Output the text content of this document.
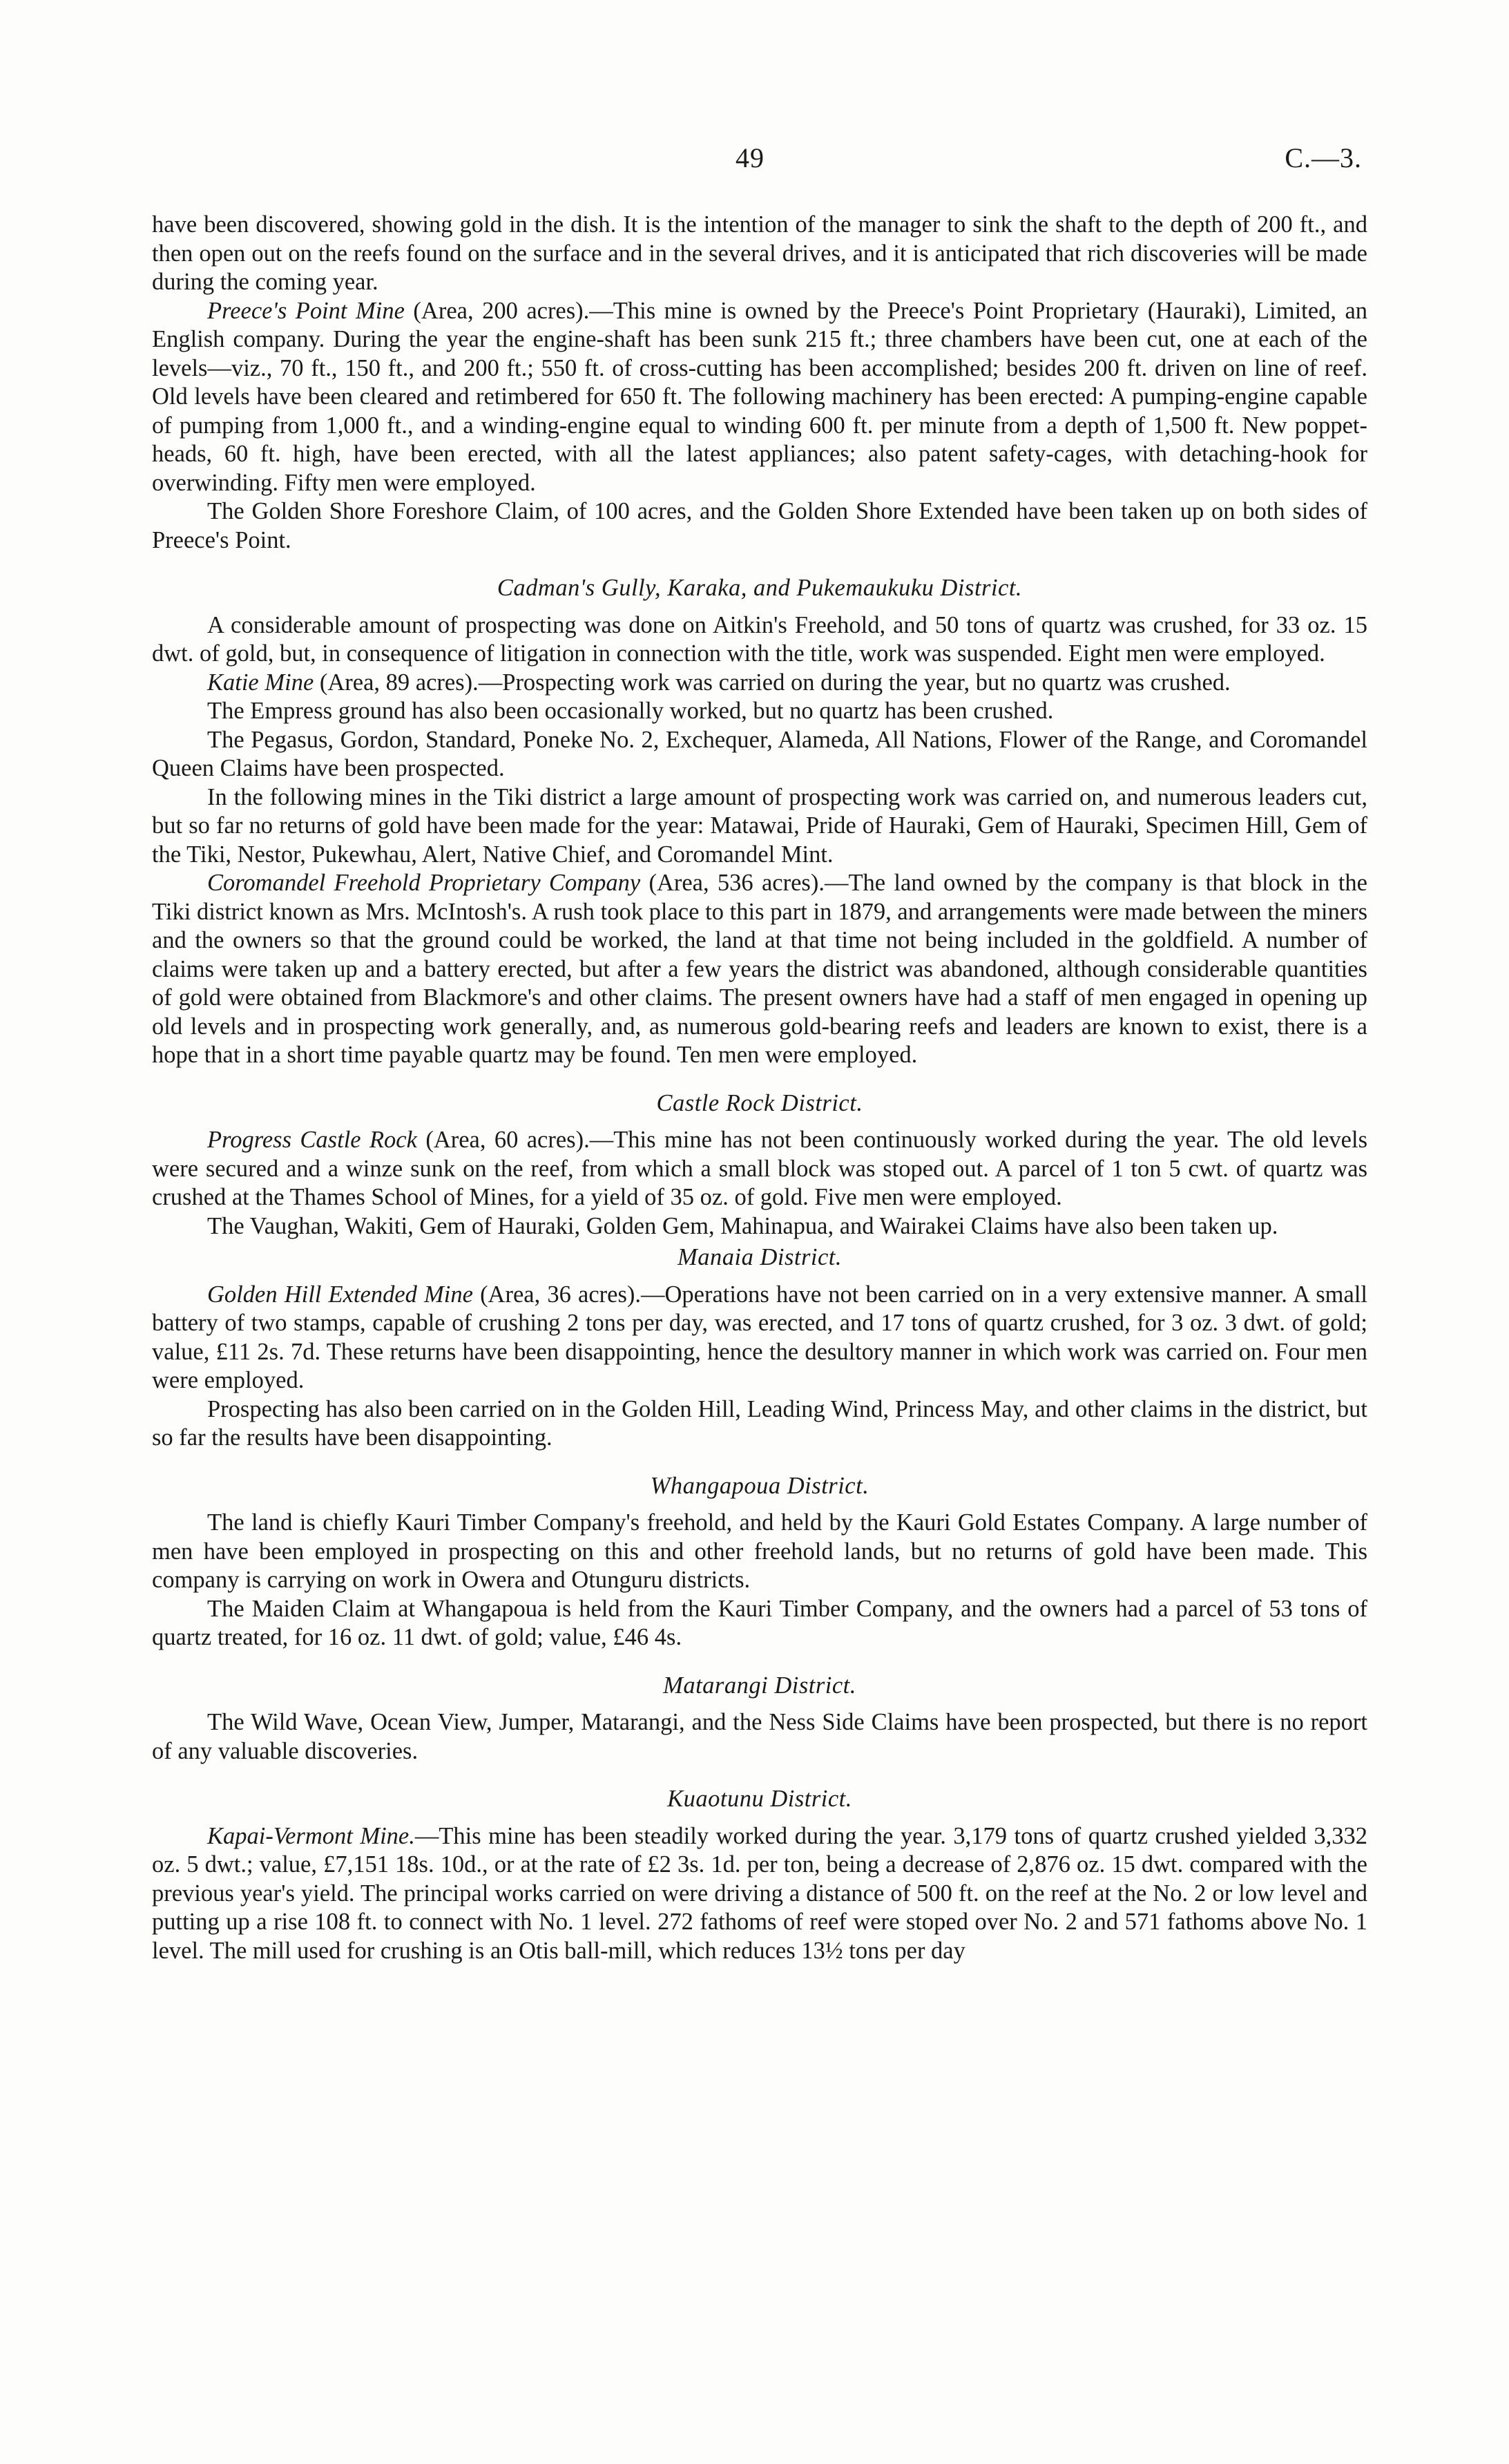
49	C.—3.

have been discovered, showing gold in the dish. It is the intention of the manager to sink the shaft to the depth of 200 ft., and then open out on the reefs found on the surface and in the several drives, and it is anticipated that rich discoveries will be made during the coming year.

Preece's Point Mine (Area, 200 acres).—This mine is owned by the Preece's Point Proprietary (Hauraki), Limited, an English company. During the year the engine-shaft has been sunk 215 ft.; three chambers have been cut, one at each of the levels—viz., 70 ft., 150 ft., and 200 ft.; 550 ft. of cross-cutting has been accomplished; besides 200 ft. driven on line of reef. Old levels have been cleared and retimbered for 650 ft. The following machinery has been erected: A pumping-engine capable of pumping from 1,000 ft., and a winding-engine equal to winding 600 ft. per minute from a depth of 1,500 ft. New poppet-heads, 60 ft. high, have been erected, with all the latest appliances; also patent safety-cages, with detaching-hook for overwinding. Fifty men were employed.

The Golden Shore Foreshore Claim, of 100 acres, and the Golden Shore Extended have been taken up on both sides of Preece's Point.

Cadman's Gully, Karaka, and Pukemaukuku District.

A considerable amount of prospecting was done on Aitkin's Freehold, and 50 tons of quartz was crushed, for 33 oz. 15 dwt. of gold, but, in consequence of litigation in connection with the title, work was suspended. Eight men were employed.

Katie Mine (Area, 89 acres).—Prospecting work was carried on during the year, but no quartz was crushed.

The Empress ground has also been occasionally worked, but no quartz has been crushed.

The Pegasus, Gordon, Standard, Poneke No. 2, Exchequer, Alameda, All Nations, Flower of the Range, and Coromandel Queen Claims have been prospected.

In the following mines in the Tiki district a large amount of prospecting work was carried on, and numerous leaders cut, but so far no returns of gold have been made for the year: Matawai, Pride of Hauraki, Gem of Hauraki, Specimen Hill, Gem of the Tiki, Nestor, Pukewhau, Alert, Native Chief, and Coromandel Mint.

Coromandel Freehold Proprietary Company (Area, 536 acres).—The land owned by the company is that block in the Tiki district known as Mrs. McIntosh's. A rush took place to this part in 1879, and arrangements were made between the miners and the owners so that the ground could be worked, the land at that time not being included in the goldfield. A number of claims were taken up and a battery erected, but after a few years the district was abandoned, although considerable quantities of gold were obtained from Blackmore's and other claims. The present owners have had a staff of men engaged in opening up old levels and in prospecting work generally, and, as numerous gold-bearing reefs and leaders are known to exist, there is a hope that in a short time payable quartz may be found. Ten men were employed.

Castle Rock District.

Progress Castle Rock (Area, 60 acres).—This mine has not been continuously worked during the year. The old levels were secured and a winze sunk on the reef, from which a small block was stoped out. A parcel of 1 ton 5 cwt. of quartz was crushed at the Thames School of Mines, for a yield of 35 oz. of gold. Five men were employed.

The Vaughan, Wakiti, Gem of Hauraki, Golden Gem, Mahinapua, and Wairakei Claims have also been taken up.

Manaia District.

Golden Hill Extended Mine (Area, 36 acres).—Operations have not been carried on in a very extensive manner. A small battery of two stamps, capable of crushing 2 tons per day, was erected, and 17 tons of quartz crushed, for 3 oz. 3 dwt. of gold; value, £11 2s. 7d. These returns have been disappointing, hence the desultory manner in which work was carried on. Four men were employed.

Prospecting has also been carried on in the Golden Hill, Leading Wind, Princess May, and other claims in the district, but so far the results have been disappointing.

Whangapoua District.

The land is chiefly Kauri Timber Company's freehold, and held by the Kauri Gold Estates Company. A large number of men have been employed in prospecting on this and other freehold lands, but no returns of gold have been made. This company is carrying on work in Owera and Otunguru districts.

The Maiden Claim at Whangapoua is held from the Kauri Timber Company, and the owners had a parcel of 53 tons of quartz treated, for 16 oz. 11 dwt. of gold; value, £46 4s.

Matarangi District.

The Wild Wave, Ocean View, Jumper, Matarangi, and the Ness Side Claims have been prospected, but there is no report of any valuable discoveries.

Kuaotunu District.

Kapai-Vermont Mine.—This mine has been steadily worked during the year. 3,179 tons of quartz crushed yielded 3,332 oz. 5 dwt.; value, £7,151 18s. 10d., or at the rate of £2 3s. 1d. per ton, being a decrease of 2,876 oz. 15 dwt. compared with the previous year's yield. The principal works carried on were driving a distance of 500 ft. on the reef at the No. 2 or low level and putting up a rise 108 ft. to connect with No. 1 level. 272 fathoms of reef were stoped over No. 2 and 571 fathoms above No. 1 level. The mill used for crushing is an Otis ball-mill, which reduces 13½ tons per day
